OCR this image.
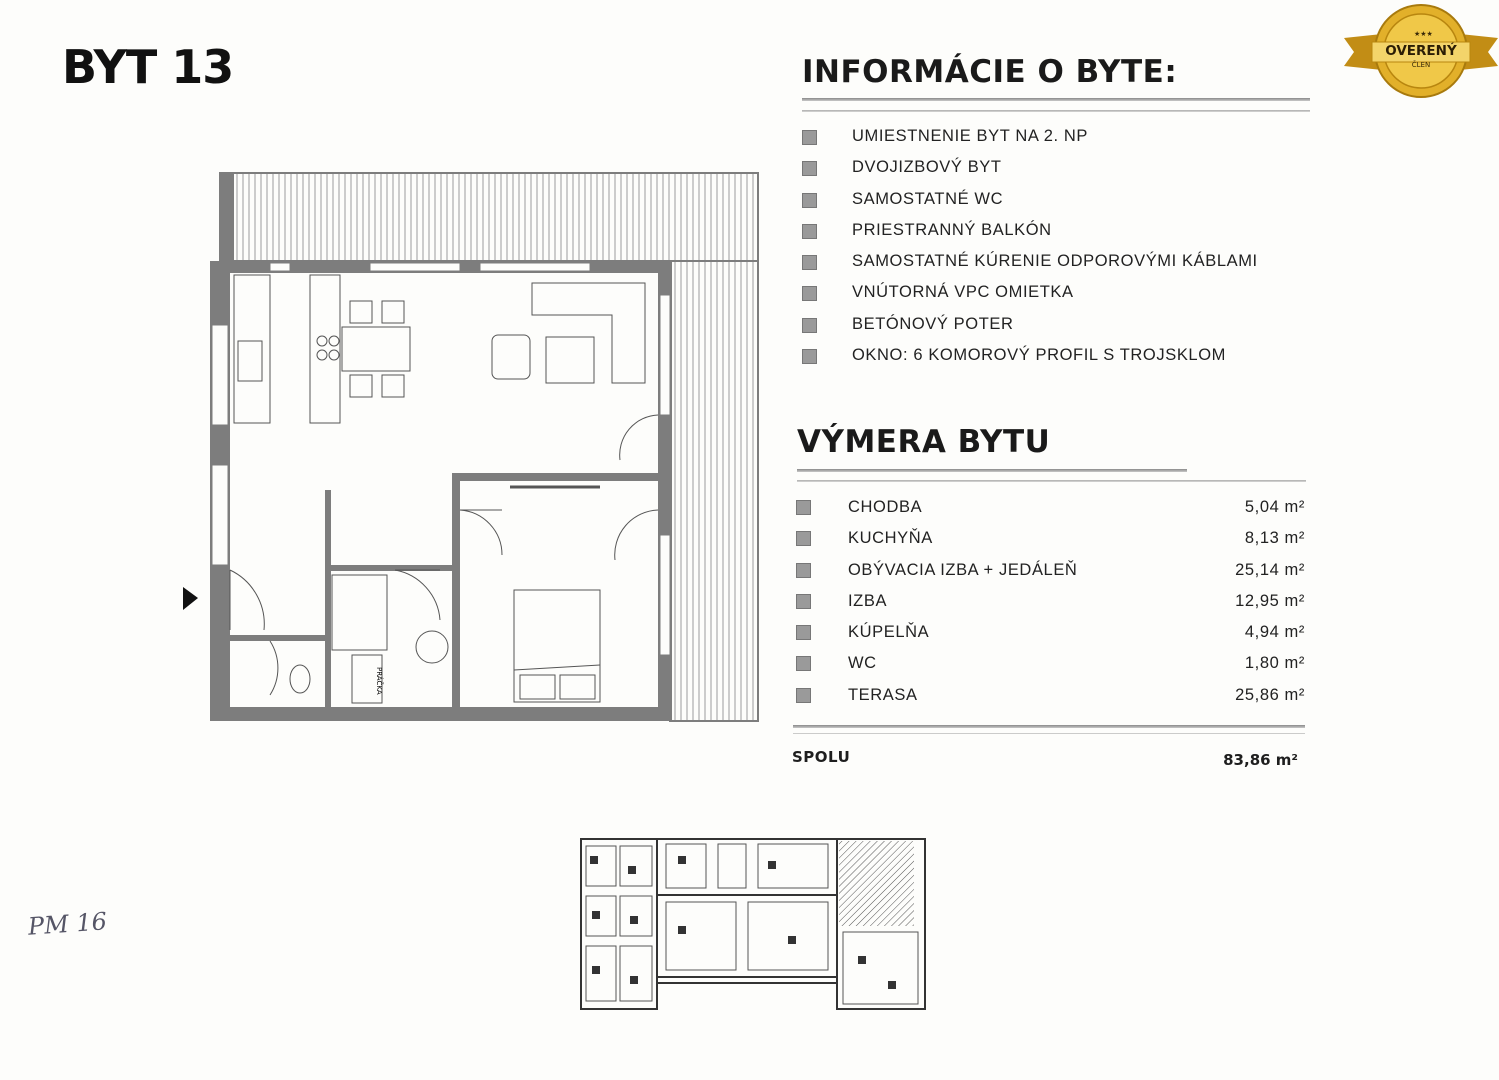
BYT 13
★★★
OVERENÝ
ČLEN
INFORMÁCIE O BYTE:
UMIESTNENIE BYT NA 2. NP
DVOJIZBOVÝ BYT
SAMOSTATNÉ WC
PRIESTRANNÝ BALKÓN
SAMOSTATNÉ KÚRENIE ODPOROVÝMI KÁBLAMI
VNÚTORNÁ VPC OMIETKA
BETÓNOVÝ POTER
OKNO: 6 KOMOROVÝ PROFIL S TROJSKLOM
VÝMERA BYTU
CHODBA	5,04 m²
KUCHYŇA	8,13 m²
OBÝVACIA IZBA + JEDÁLEŇ	25,14 m²
IZBA	12,95 m²
KÚPELŇA	4,94 m²
WC	1,80 m²
TERASA	25,86 m²
SPOLU	83,86 m²
PRÁČKA
PM 16
